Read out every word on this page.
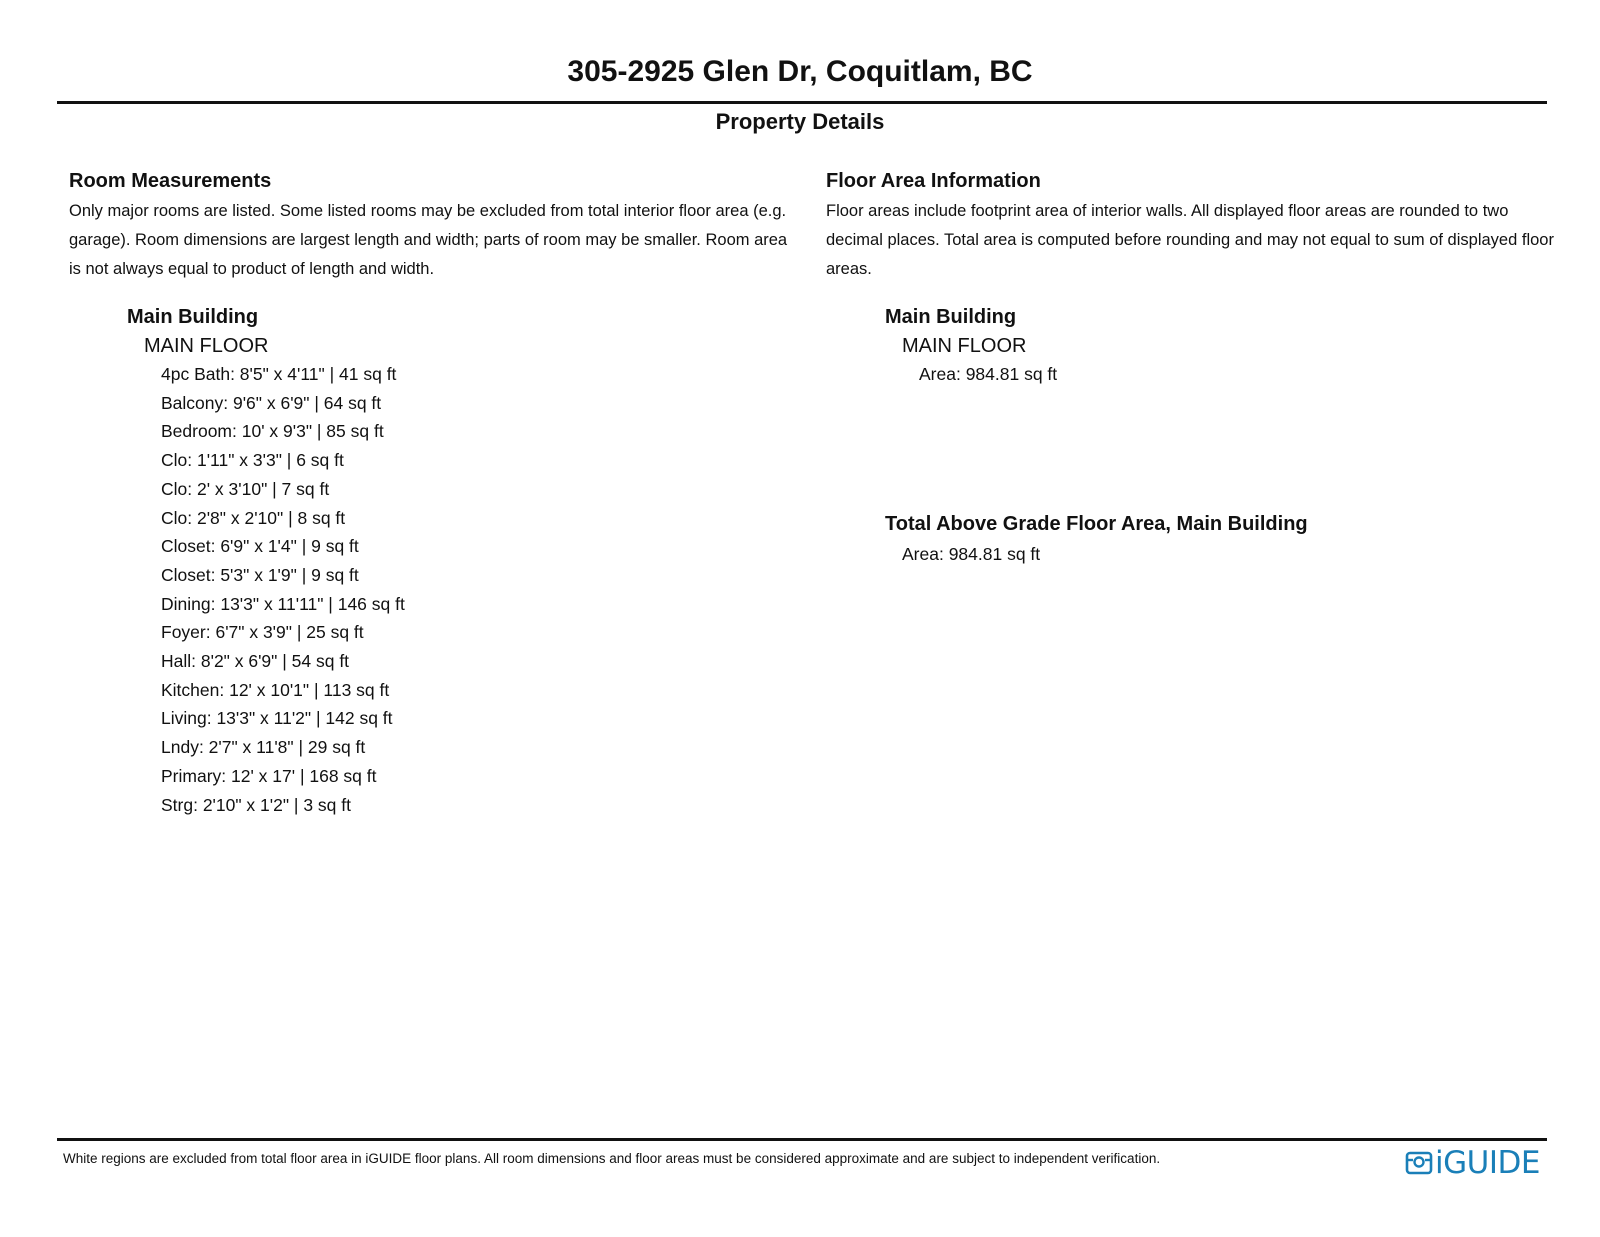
305-2925 Glen Dr, Coquitlam, BC
Property Details
Room Measurements

Only major rooms are listed. Some listed rooms may be excluded from total interior floor area (e.g. garage). Room dimensions are largest length and width; parts of room may be smaller. Room area is not always equal to product of length and width.

Main Building
MAIN FLOOR
4pc Bath: 8'5" x 4'11" | 41 sq ft
Balcony: 9'6" x 6'9" | 64 sq ft
Bedroom: 10' x 9'3" | 85 sq ft
Clo: 1'11" x 3'3" | 6 sq ft
Clo: 2' x 3'10" | 7 sq ft
Clo: 2'8" x 2'10" | 8 sq ft
Closet: 6'9" x 1'4" | 9 sq ft
Closet: 5'3" x 1'9" | 9 sq ft
Dining: 13'3" x 11'11" | 146 sq ft
Foyer: 6'7" x 3'9" | 25 sq ft
Hall: 8'2" x 6'9" | 54 sq ft
Kitchen: 12' x 10'1" | 113 sq ft
Living: 13'3" x 11'2" | 142 sq ft
Lndy: 2'7" x 11'8" | 29 sq ft
Primary: 12' x 17' | 168 sq ft
Strg: 2'10" x 1'2" | 3 sq ft
Floor Area Information

Floor areas include footprint area of interior walls. All displayed floor areas are rounded to two decimal places. Total area is computed before rounding and may not equal to sum of displayed floor areas.

Main Building
MAIN FLOOR
Area: 984.81 sq ft
Total Above Grade Floor Area, Main Building
Area: 984.81 sq ft
White regions are excluded from total floor area in iGUIDE floor plans. All room dimensions and floor areas must be considered approximate and are subject to independent verification.	iGUIDE
